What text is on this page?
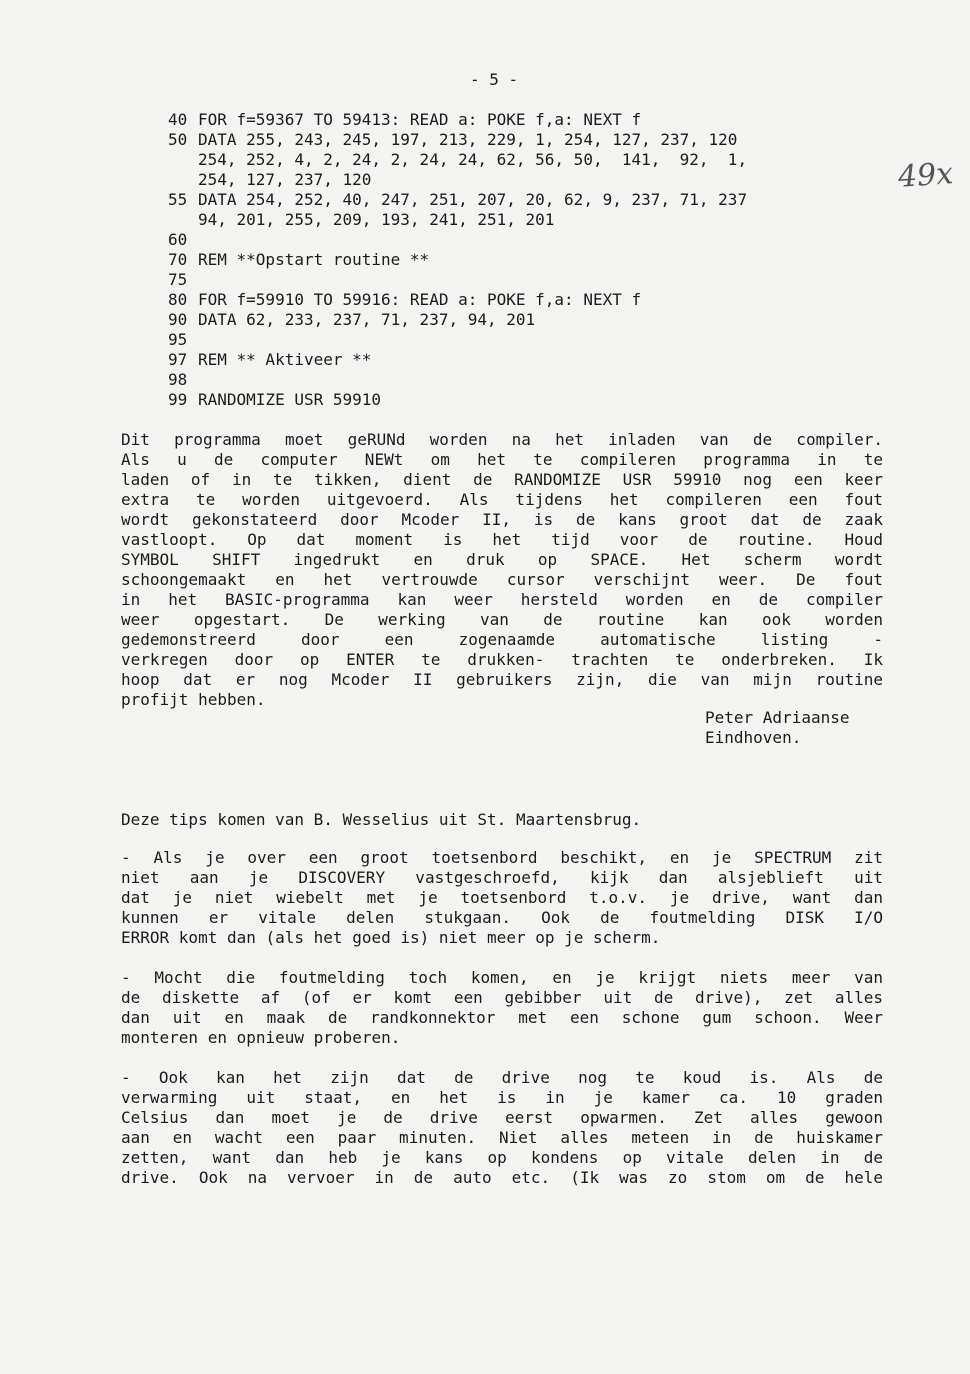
- 5 -
40 FOR f=59367 TO 59413: READ a: POKE f,a: NEXT f
50 DATA 255, 243, 245, 197, 213, 229, 1, 254, 127, 237, 120
254, 252, 4, 2, 24, 2, 24, 24, 62, 56, 50,  141,  92,  1,
254, 127, 237, 120
55 DATA 254, 252, 40, 247, 251, 207, 20, 62, 9, 237, 71, 237
94, 201, 255, 209, 193, 241, 251, 201
60
70 REM **Opstart routine **
75
80 FOR f=59910 TO 59916: READ a: POKE f,a: NEXT f
90 DATA 62, 233, 237, 71, 237, 94, 201
95
97 REM ** Aktiveer **
98
99 RANDOMIZE USR 59910
Dit programma moet geRUNd worden na het inladen van de compiler.
Als u de computer NEWt om het te compileren programma in te
laden of in te tikken, dient de RANDOMIZE USR 59910 nog een keer
extra te worden uitgevoerd. Als tijdens het compileren een fout
wordt gekonstateerd door Mcoder II, is de kans groot dat de zaak
vastloopt. Op dat moment is het tijd voor de routine. Houd
SYMBOL SHIFT ingedrukt en druk op SPACE. Het scherm wordt
schoongemaakt en het vertrouwde cursor verschijnt weer. De fout
in het BASIC-programma kan weer hersteld worden en de compiler
weer opgestart. De werking van de routine kan ook worden
gedemonstreerd door een zogenaamde automatische listing -
verkregen door op ENTER te drukken- trachten te onderbreken. Ik
hoop dat er nog Mcoder II gebruikers zijn, die van mijn routine
profijt hebben.
Peter Adriaanse
Eindhoven.
Deze tips komen van B. Wesselius uit St. Maartensbrug.
- Als je over een groot toetsenbord beschikt, en je SPECTRUM zit
niet aan je DISCOVERY vastgeschroefd, kijk dan alsjeblieft uit
dat je niet wiebelt met je toetsenbord t.o.v. je drive, want dan
kunnen er vitale delen stukgaan. Ook de foutmelding DISK I/O
ERROR komt dan (als het goed is) niet meer op je scherm.
- Mocht die foutmelding toch komen, en je krijgt niets meer van
de diskette af (of er komt een gebibber uit de drive), zet alles
dan uit en maak de randkonnektor met een schone gum schoon. Weer
monteren en opnieuw proberen.
- Ook kan het zijn dat de drive nog te koud is. Als de
verwarming uit staat, en het is in je kamer ca. 10 graden
Celsius dan moet je de drive eerst opwarmen. Zet alles gewoon
aan en wacht een paar minuten. Niet alles meteen in de huiskamer
zetten, want dan heb je kans op kondens op vitale delen in de
drive. Ook na vervoer in de auto etc. (Ik was zo stom om de hele
49x
